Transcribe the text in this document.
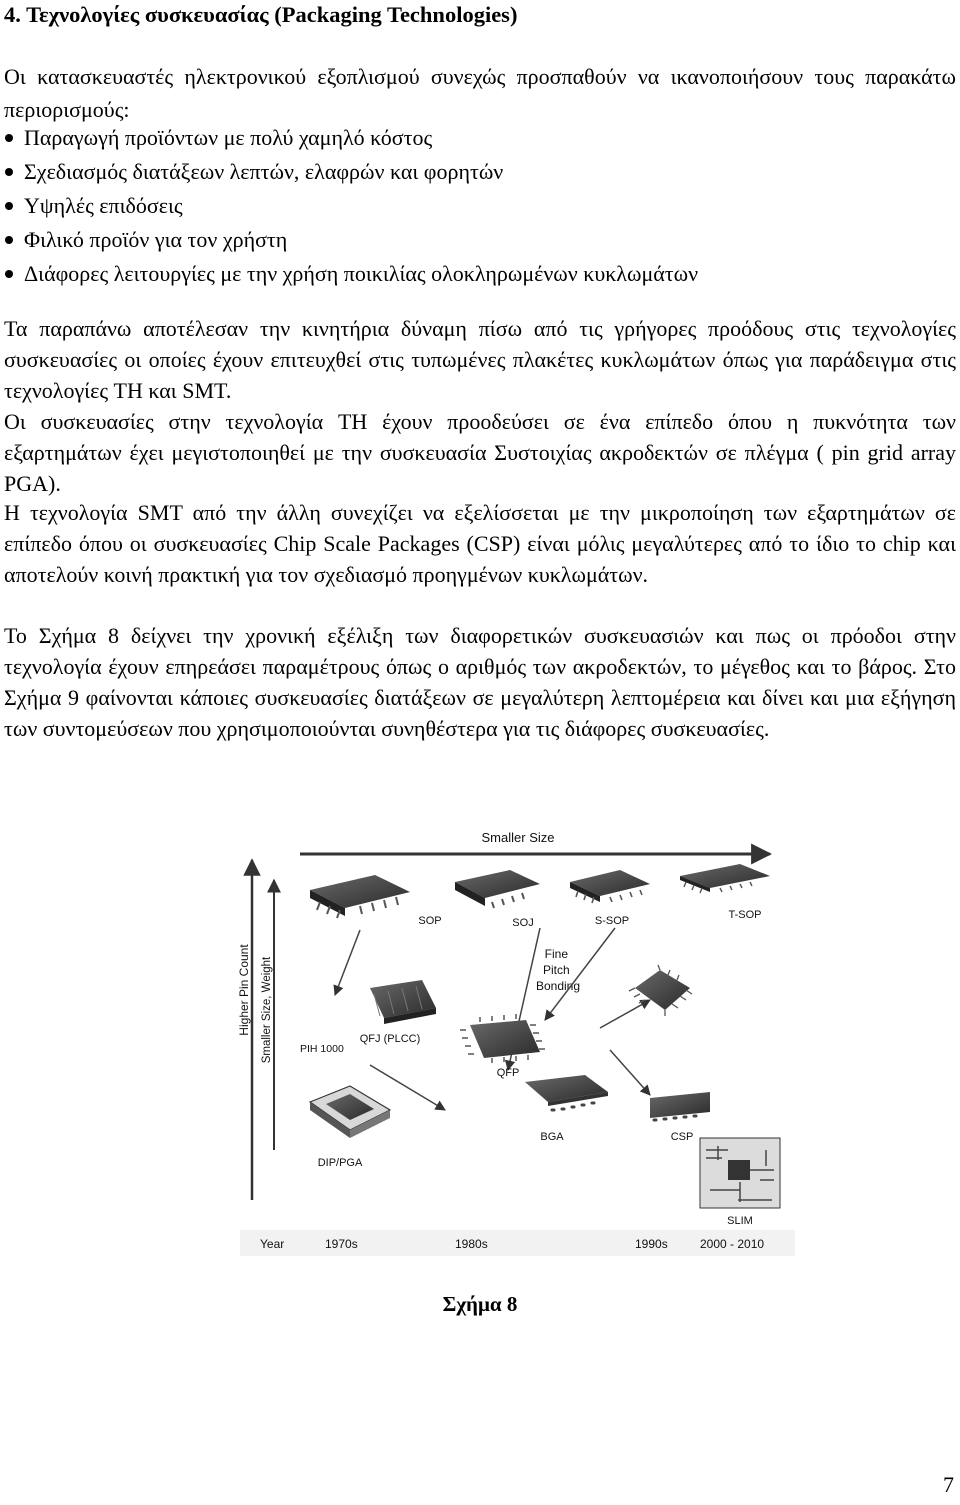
4. Τεχνολογίες συσκευασίας (Packaging Technologies)

Οι κατασκευαστές ηλεκτρονικού εξοπλισμού συνεχώς προσπαθούν να ικανοποιήσουν τους παρακάτω περιορισμούς:

Παραγωγή προϊόντων με πολύ χαμηλό κόστος
Σχεδιασμός διατάξεων λεπτών, ελαφρών και φορητών
Υψηλές επιδόσεις
Φιλικό προϊόν για τον χρήστη
Διάφορες λειτουργίες με την χρήση ποικιλίας ολοκληρωμένων κυκλωμάτων

Τα παραπάνω αποτέλεσαν την κινητήρια δύναμη πίσω από τις γρήγορες προόδους στις τεχνολογίες συσκευασίες οι οποίες έχουν επιτευχθεί στις τυπωμένες πλακέτες κυκλωμάτων όπως για παράδειγμα στις τεχνολογίες TH και SMT.

Οι συσκευασίες στην τεχνολογία TH έχουν προοδεύσει σε ένα επίπεδο όπου η πυκνότητα των εξαρτημάτων έχει μεγιστοποιηθεί με την συσκευασία Συστοιχίας ακροδεκτών σε πλέγμα ( pin grid array PGA).

Η τεχνολογία SMT από την άλλη συνεχίζει να εξελίσσεται με την μικροποίηση των εξαρτημάτων σε επίπεδο όπου οι συσκευασίες Chip Scale Packages (CSP) είναι μόλις μεγαλύτερες από το ίδιο το chip και αποτελούν κοινή πρακτική για τον σχεδιασμό προηγμένων κυκλωμάτων.

Το Σχήμα 8 δείχνει την χρονική εξέλιξη των διαφορετικών συσκευασιών και πως οι πρόοδοι στην τεχνολογία έχουν επηρεάσει παραμέτρους όπως ο αριθμός των ακροδεκτών, το μέγεθος και το βάρος. Στο Σχήμα 9 φαίνονται κάποιες συσκευασίες διατάξεων σε μεγαλύτερη λεπτομέρεια και δίνει και μια εξήγηση των συντομεύσεων που χρησιμοποιούνται συνηθέστερα για τις διάφορες συσκευασίες.

Smaller Size
Higher Pin Count Smaller Size, Weight
SOP	SOJ	S-SOP	T-SOP
Fine Pitch Bonding
QFJ (PLCC)
QFP
BGA	CSP
PIH 1000
DIP/PGA
SLIM
Year	1970s	1980s	1990s	2000 - 2010
Σχήμα 8
7
